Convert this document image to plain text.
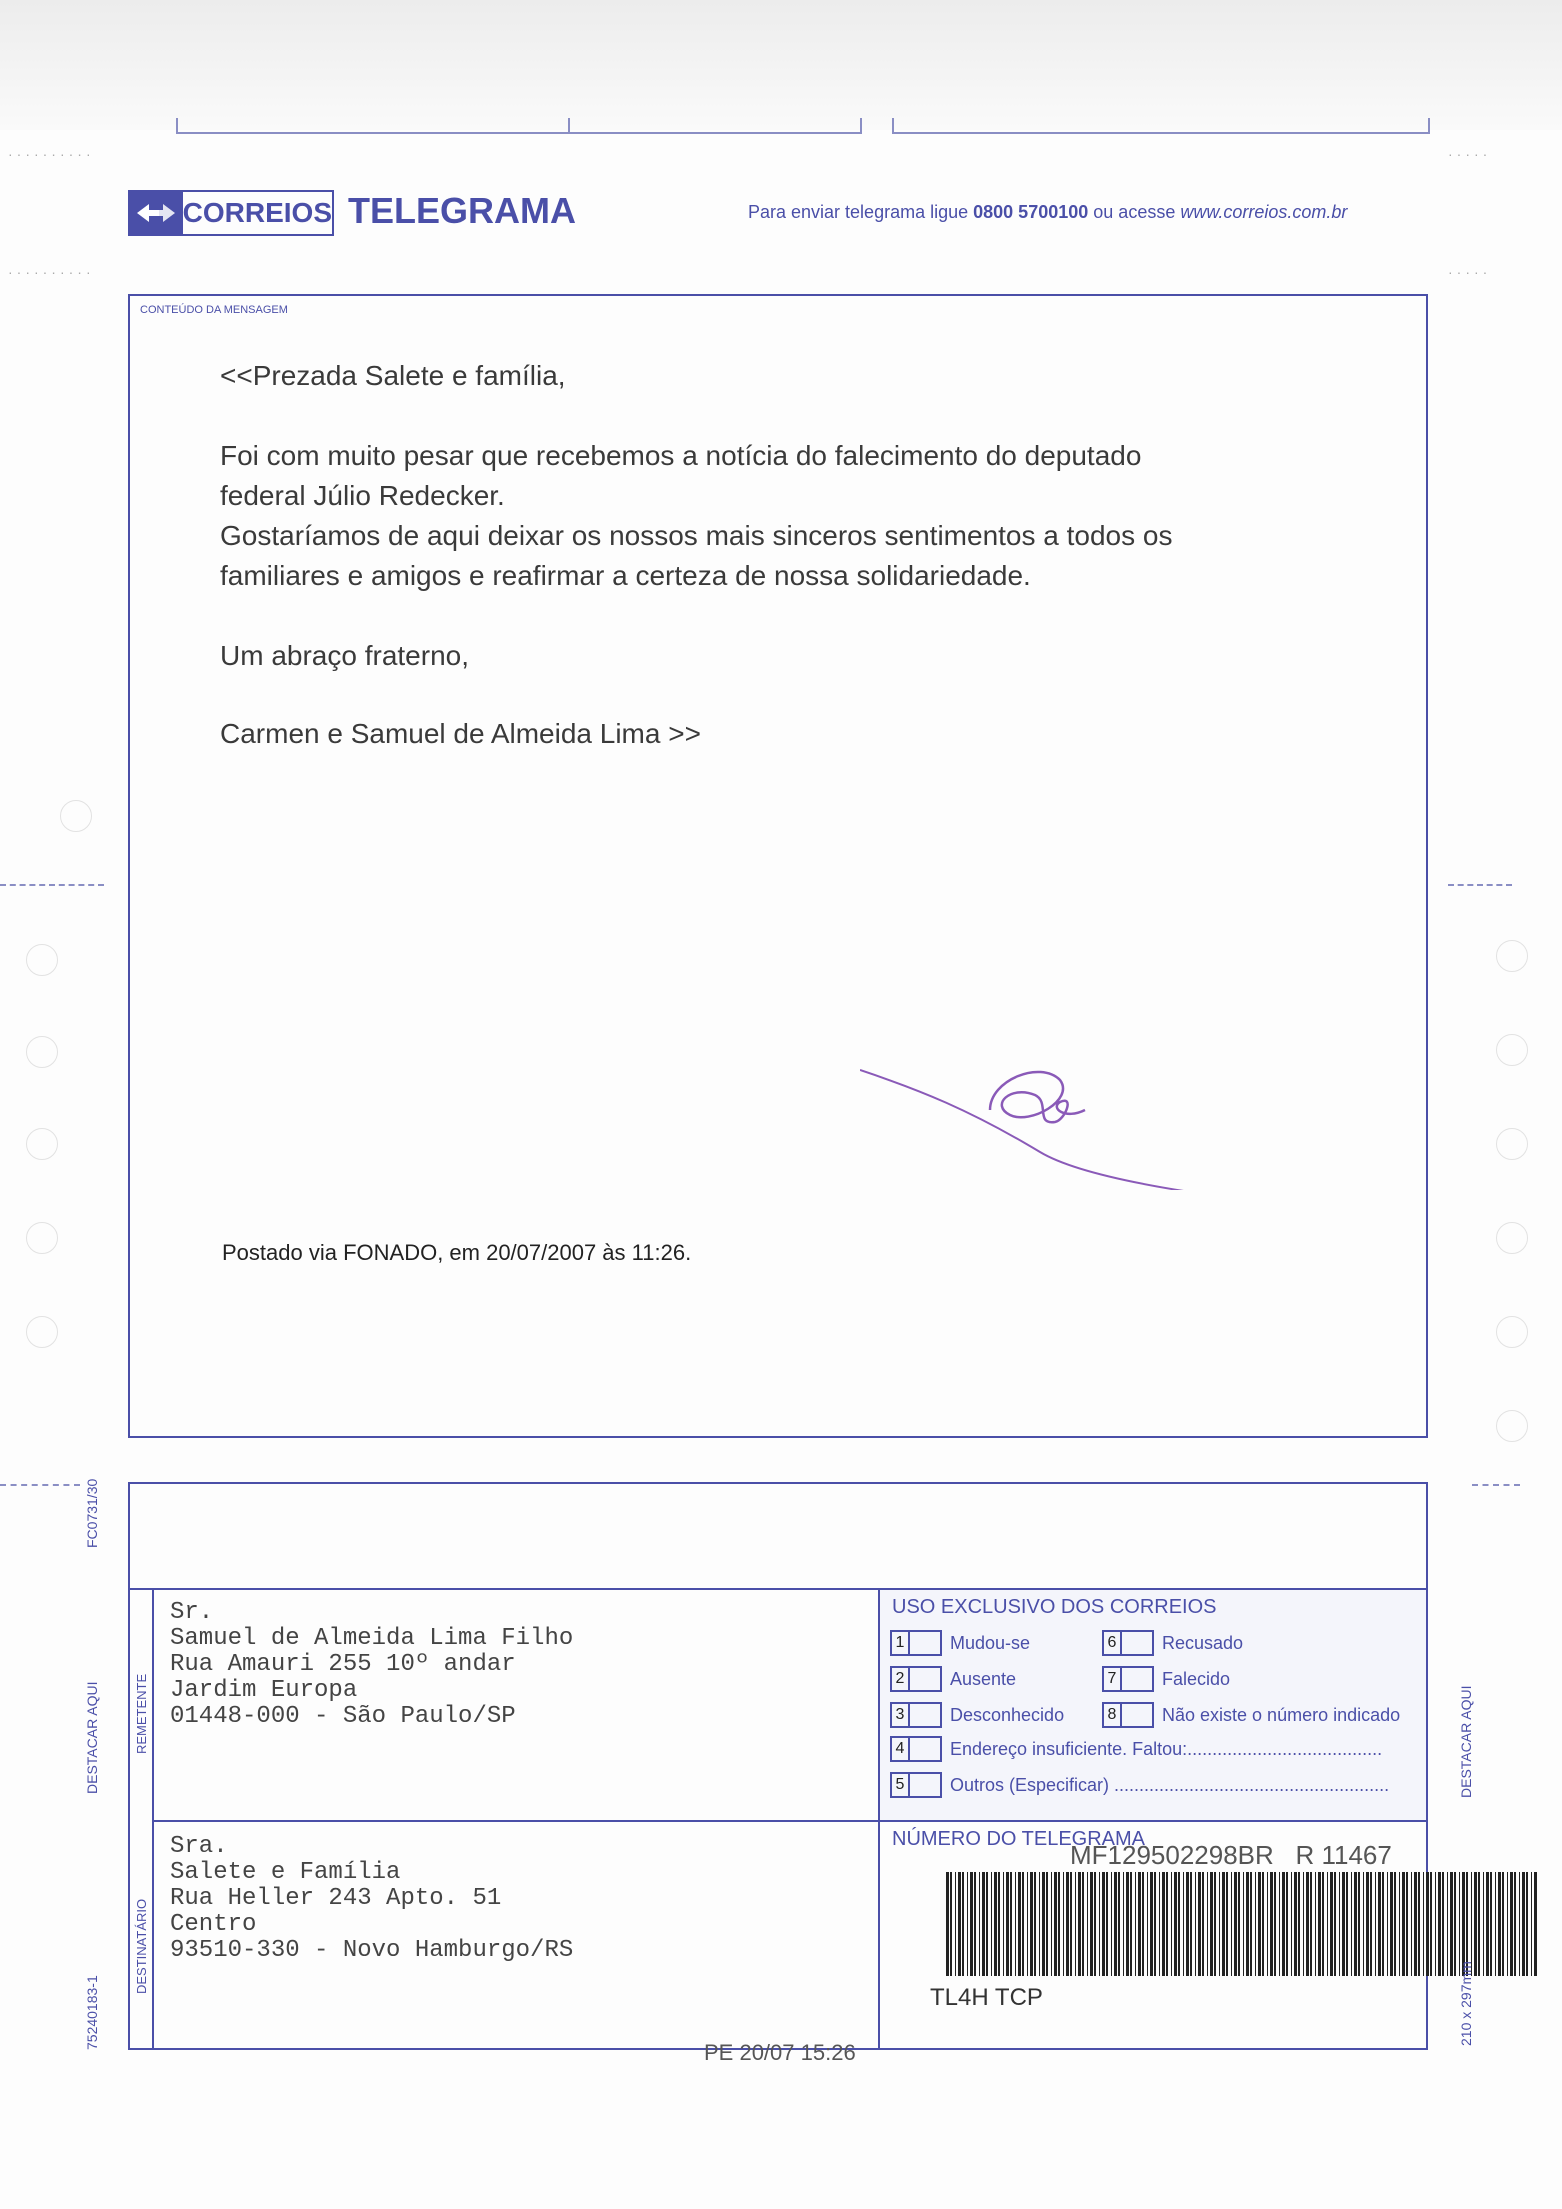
··········
··········
·····
·····
CORREIOS TELEGRAMA	Para enviar telegrama ligue 0800 5700100 ou acesse www.correios.com.br
CONTEÚDO DA MENSAGEM
<<Prezada Salete e família,
Foi com muito pesar que recebemos a notícia do falecimento do deputado
federal Júlio Redecker.
Gostaríamos de aqui deixar os nossos mais sinceros sentimentos a todos os
familiares e amigos e reafirmar a certeza de nossa solidariedade.
Um abraço fraterno,
Carmen e Samuel de Almeida Lima >>
Postado via FONADO, em 20/07/2007 às 11:26.
REMETENTE
DESTINATÁRIO
Sr.
Samuel de Almeida Lima Filho
Rua Amauri 255 10º andar
Jardim Europa
01448-000 - São Paulo/SP
Sra.
Salete e Família
Rua Heller 243 Apto. 51
Centro
93510-330 - Novo Hamburgo/RS
USO EXCLUSIVO DOS CORREIOS
1	Mudou-se	6	Recusado
2	Ausente	7	Falecido
3	Desconhecido	8	Não existe o número indicado
4	Endereço insuficiente. Faltou:.......................................
5	Outros (Especificar) .......................................................
NÚMERO DO TELEGRAMA
MF129502298BR R 11467
TL4H TCP
PE 20/07 15:26
FC0731/30
DESTACAR AQUI	DESTACAR AQUI
75240183-1	210 x 297mm
